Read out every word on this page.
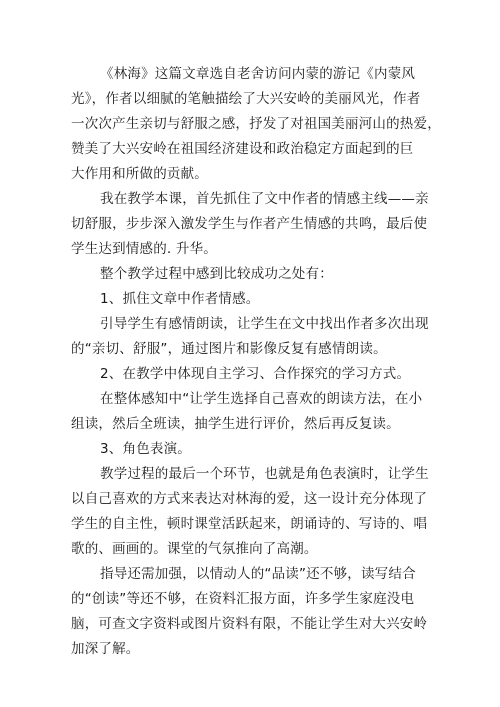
《林海》这篇文章选自老舍访问内蒙的游记《内蒙风
光》，作者以细腻的笔触描绘了大兴安岭的美丽风光，作者
一次次产生亲切与舒服之感，抒发了对祖国美丽河山的热爱，
赞美了大兴安岭在祖国经济建设和政治稳定方面起到的巨
大作用和所做的贡献。
我在教学本课，首先抓住了文中作者的情感主线——亲
切舒服，步步深入激发学生与作者产生情感的共鸣，最后使
学生达到情感的. 升华。
整个教学过程中感到比较成功之处有：
1、抓住文章中作者情感。
引导学生有感情朗读，让学生在文中找出作者多次出现
的“亲切、舒服”，通过图片和影像反复有感情朗读。
2、在教学中体现自主学习、合作探究的学习方式。
在整体感知中“让学生选择自己喜欢的朗读方法，在小
组读，然后全班读，抽学生进行评价，然后再反复读。
3、角色表演。
教学过程的最后一个环节，也就是角色表演时，让学生
以自己喜欢的方式来表达对林海的爱，这一设计充分体现了
学生的自主性，顿时课堂活跃起来，朗诵诗的、写诗的、唱
歌的、画画的。课堂的气氛推向了高潮。
指导还需加强，以情动人的“品读”还不够，读写结合
的“创读”等还不够，在资料汇报方面，许多学生家庭没电
脑，可查文字资料或图片资料有限，不能让学生对大兴安岭
加深了解。
